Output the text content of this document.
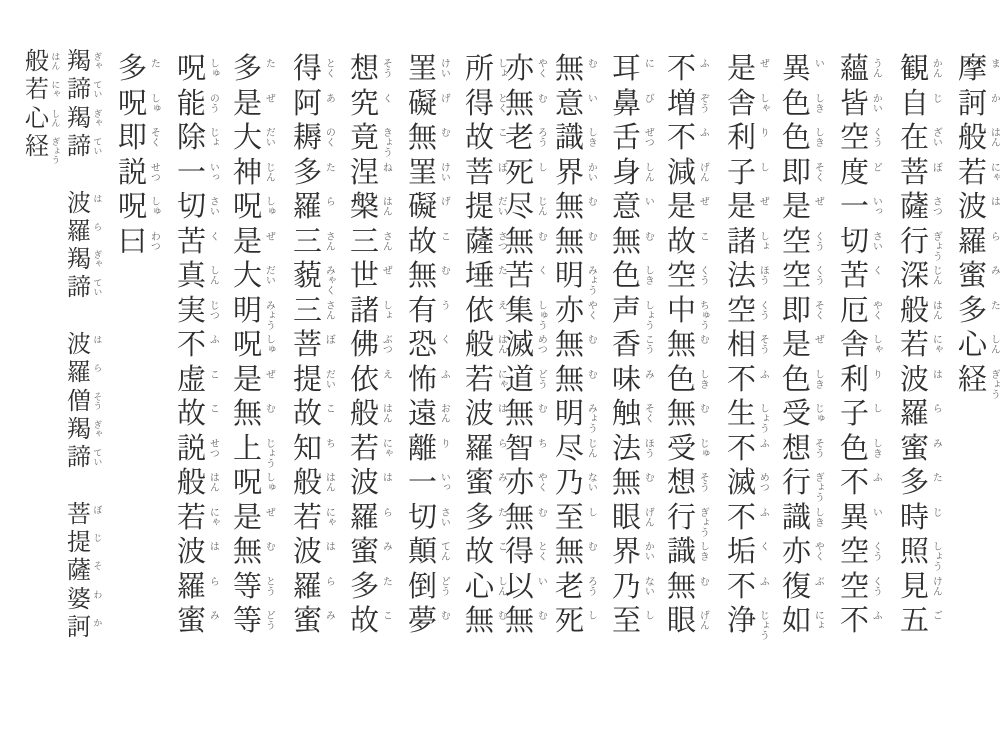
摩 ま
訶 か
般 はん
若 にゃ
波 は
羅 ら
蜜 み
多 た
心 しん
経 ぎょう
観 かん
自 じ
在 ざい
菩 ぼ
薩 さつ
行 ぎょう
深 じん
般 はん
若 にゃ
波 は
羅 ら
蜜 み
多 た
時 じ
照 しょう
見 けん
五 ご
蘊 うん
皆 かい
空 くう
度 ど
一 いっ
切 さい
苦 く
厄 やく
舎 しゃ
利 り
子 し
色 しき
不 ふ
異 い
空 くう
空 くう
不 ふ
異 い
色 しき
色 しき
即 そく
是 ぜ
空 くう
空 くう
即 そく
是 ぜ
色 しき
受 じゅ
想 そう
行 ぎょう
識 しき
亦 やく
復 ぶ
如 にょ
是 ぜ
舎 しゃ
利 り
子 し
是 ぜ
諸 しょ
法 ほう
空 くう
相 そう
不 ふ
生 しょう
不 ふ
滅 めつ
不 ふ
垢 く
不 ふ
浄 じょう
不 ふ
増 ぞう
不 ふ
減 げん
是 ぜ
故 こ
空 くう
中 ちゅう
無 む
色 しき
無 む
受 じゅ
想 そう
行 ぎょう
識 しき
無 む
眼 げん
耳 に
鼻 び
舌 ぜつ
身 しん
意 い
無 む
色 しき
声 しょう
香 こう
味 み
触 そく
法 ほう
無 む
眼 げん
界 かい
乃 ない
至 し
無 む
意 い
識 しき
界 かい
無 む
無 む
明 みょう
亦 やく
無 む
無 む
明 みょう
尽 じん
乃 ない
至 し
無 む
老 ろう
死 し
亦 やく
無 む
老 ろう
死 し
尽 じん
無 む
苦 く
集 しゅう
滅 めつ
道 どう
無 む
智 ち
亦 やく
無 む
得 とく
以 い
無 む
所 しょ
得 とく
故 こ
菩 ぼ
提 だい
薩 さつ
埵 た
依 え
般 はん
若 にゃ
波 は
羅 ら
蜜 み
多 た
故 こ
心 しん
無 む
罣 けい
礙 げ
無 む
罣 けい
礙 げ
故 こ
無 む
有 う
恐 く
怖 ふ
遠 おん
離 り
一 いっ
切 さい
顛 てん
倒 どう
夢 む
想 そう
究 く
竟 きょう
涅 ね
槃 はん
三 さん
世 ぜ
諸 しょ
佛 ぶつ
依 え
般 はん
若 にゃ
波 は
羅 ら
蜜 み
多 た
故 こ
得 とく
阿 あ
耨 のく
多 た
羅 ら
三 さん
藐 みゃく
三 さん
菩 ぼ
提 だい
故 こ
知 ち
般 はん
若 にゃ
波 は
羅 ら
蜜 み
多 た
是 ぜ
大 だい
神 じん
呪 しゅ
是 ぜ
大 だい
明 みょう
呪 しゅ
是 ぜ
無 む
上 じょう
呪 しゅ
是 ぜ
無 む
等 とう
等 どう
呪 しゅ
能 のう
除 じょ
一 いっ
切 さい
苦 く
真 しん
実 じつ
不 ふ
虚 こ
故 こ
説 せつ
般 はん
若 にゃ
波 は
羅 ら
蜜 み
多 た
呪 しゅ
即 そく
説 せつ
呪 しゅ
曰 わつ
羯 ぎゃ
諦 てい
羯 ぎゃ
諦 てい
波 は
羅 ら
羯 ぎゃ
諦 てい
波 は
羅 ら
僧 そう
羯 ぎゃ
諦 てい
菩 ぼ
提 じ
薩 そ
婆 わ
訶 か
般 はん
若 にゃ
心 しん
経 ぎょう
